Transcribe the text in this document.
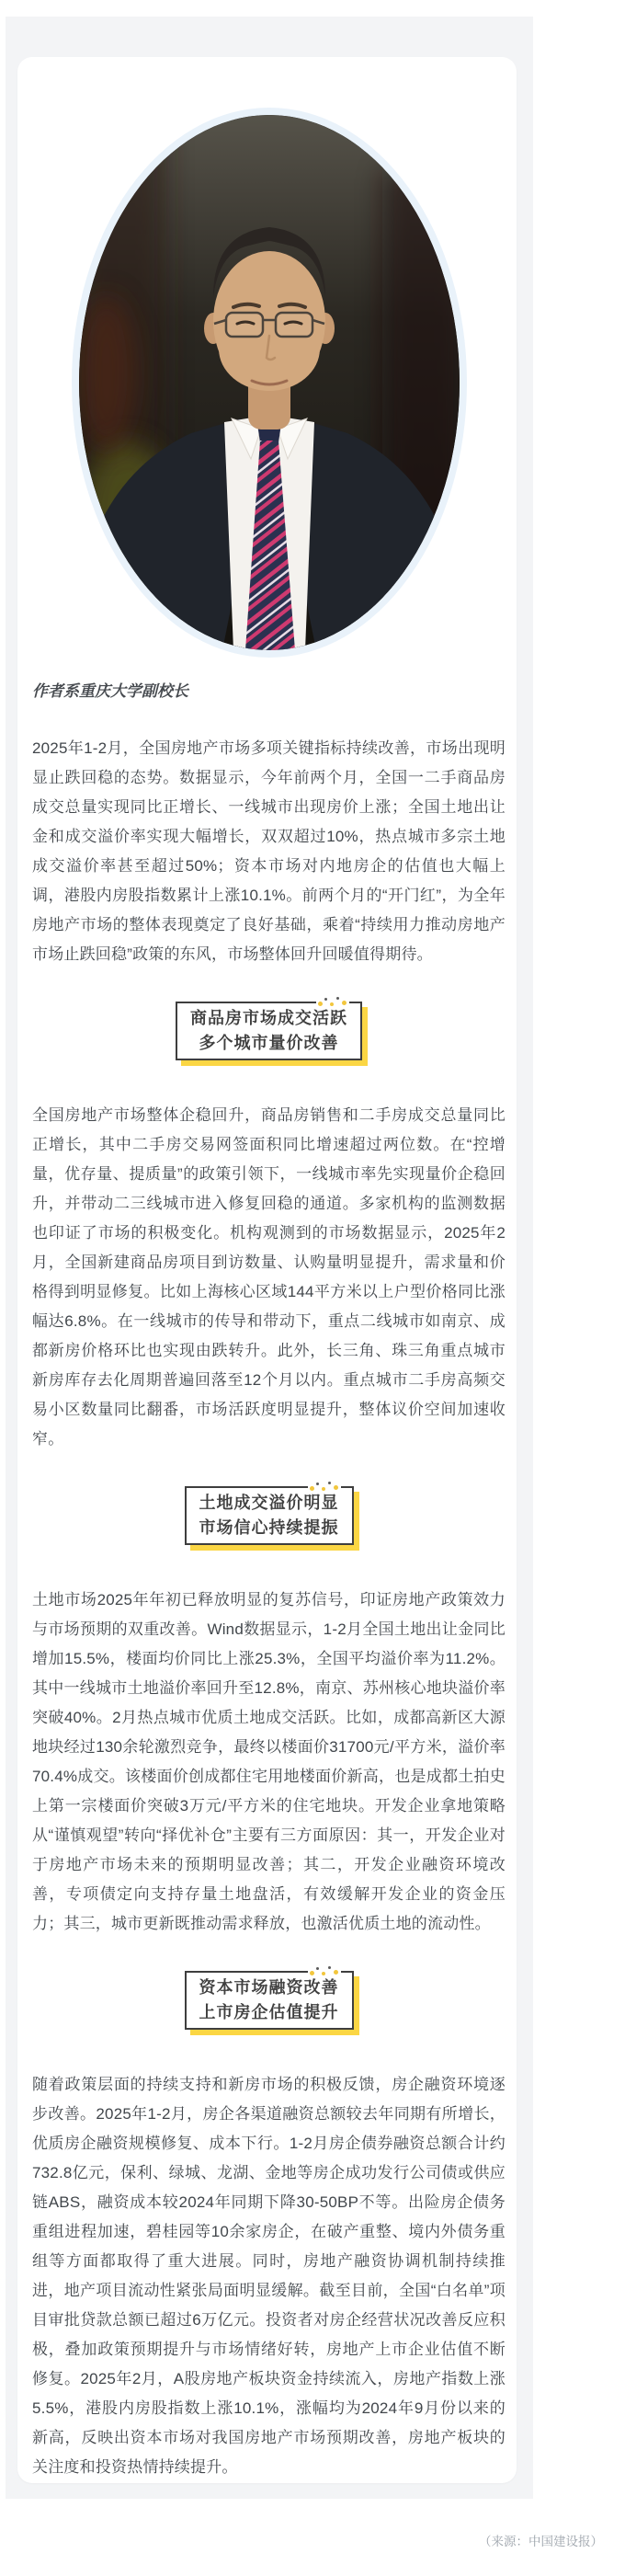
作者系重庆大学副校长

2025年1-2月，全国房地产市场多项关键指标持续改善，市场出现明显止跌回稳的态势。数据显示，今年前两个月，全国一二手商品房成交总量实现同比正增长、一线城市出现房价上涨；全国土地出让金和成交溢价率实现大幅增长，双双超过10%，热点城市多宗土地成交溢价率甚至超过50%；资本市场对内地房企的估值也大幅上调，港股内房股指数累计上涨10.1%。前两个月的“开门红”，为全年房地产市场的整体表现奠定了良好基础，乘着“持续用力推动房地产市场止跌回稳”政策的东风，市场整体回升回暖值得期待。

商品房市场成交活跃
多个城市量价改善

全国房地产市场整体企稳回升，商品房销售和二手房成交总量同比正增长，其中二手房交易网签面积同比增速超过两位数。在“控增量，优存量、提质量”的政策引领下，一线城市率先实现量价企稳回升，并带动二三线城市进入修复回稳的通道。多家机构的监测数据也印证了市场的积极变化。机构观测到的市场数据显示，2025年2月，全国新建商品房项目到访数量、认购量明显提升，需求量和价格得到明显修复。比如上海核心区域144平方米以上户型价格同比涨幅达6.8%。在一线城市的传导和带动下，重点二线城市如南京、成都新房价格环比也实现由跌转升。此外，长三角、珠三角重点城市新房库存去化周期普遍回落至12个月以内。重点城市二手房高频交易小区数量同比翻番，市场活跃度明显提升，整体议价空间加速收窄。

土地成交溢价明显
市场信心持续提振

土地市场2025年年初已释放明显的复苏信号，印证房地产政策效力与市场预期的双重改善。Wind数据显示，1-2月全国土地出让金同比增加15.5%，楼面均价同比上涨25.3%，全国平均溢价率为11.2%。其中一线城市土地溢价率回升至12.8%，南京、苏州核心地块溢价率突破40%。2月热点城市优质土地成交活跃。比如，成都高新区大源地块经过130余轮激烈竞争，最终以楼面价31700元/平方米，溢价率70.4%成交。该楼面价创成都住宅用地楼面价新高，也是成都土拍史上第一宗楼面价突破3万元/平方米的住宅地块。开发企业拿地策略从“谨慎观望”转向“择优补仓”主要有三方面原因：其一，开发企业对于房地产市场未来的预期明显改善；其二，开发企业融资环境改善，专项债定向支持存量土地盘活，有效缓解开发企业的资金压力；其三，城市更新既推动需求释放，也激活优质土地的流动性。

资本市场融资改善
上市房企估值提升

随着政策层面的持续支持和新房市场的积极反馈，房企融资环境逐步改善。2025年1-2月，房企各渠道融资总额较去年同期有所增长，优质房企融资规模修复、成本下行。1-2月房企债券融资总额合计约732.8亿元，保利、绿城、龙湖、金地等房企成功发行公司债或供应链ABS，融资成本较2024年同期下降30-50BP不等。出险房企债务重组进程加速，碧桂园等10余家房企，在破产重整、境内外债务重组等方面都取得了重大进展。同时，房地产融资协调机制持续推进，地产项目流动性紧张局面明显缓解。截至目前，全国“白名单”项目审批贷款总额已超过6万亿元。投资者对房企经营状况改善反应积极，叠加政策预期提升与市场情绪好转，房地产上市企业估值不断修复。2025年2月，A股房地产板块资金持续流入，房地产指数上涨5.5%，港股内房股指数上涨10.1%，涨幅均为2024年9月份以来的新高，反映出资本市场对我国房地产市场预期改善，房地产板块的关注度和投资热情持续提升。

（来源：中国建设报）
